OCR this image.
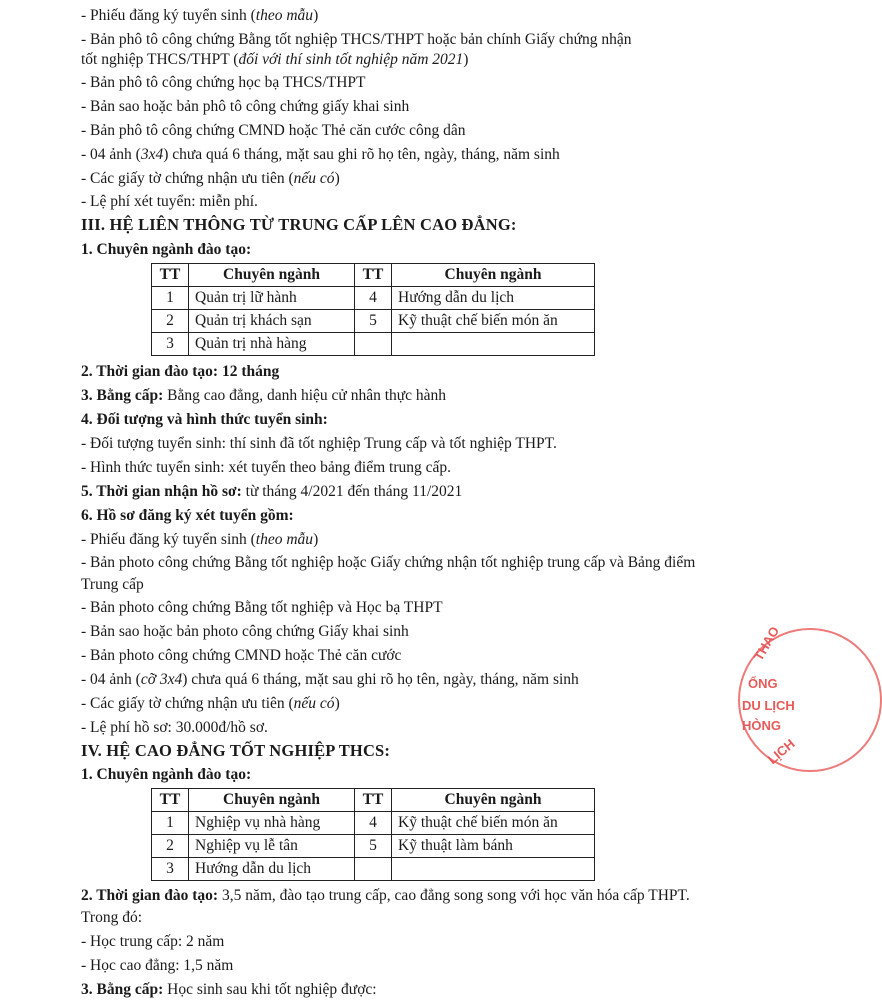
- Phiếu đăng ký tuyển sinh (theo mẫu)
- Bản phô tô công chứng Bằng tốt nghiệp THCS/THPT hoặc bản chính Giấy chứng nhận
tốt nghiệp THCS/THPT (đối với thí sinh tốt nghiệp năm 2021)
- Bản phô tô công chứng học bạ THCS/THPT
- Bản sao hoặc bản phô tô công chứng giấy khai sinh
- Bản phô tô công chứng CMND hoặc Thẻ căn cước công dân
- 04 ảnh (3x4) chưa quá 6 tháng, mặt sau ghi rõ họ tên, ngày, tháng, năm sinh
- Các giấy tờ chứng nhận ưu tiên (nếu có)
- Lệ phí xét tuyển: miễn phí.
III. HỆ LIÊN THÔNG TỪ TRUNG CẤP LÊN CAO ĐẲNG:
1. Chuyên ngành đào tạo:
TT	Chuyên ngành	TT	Chuyên ngành
1	Quản trị lữ hành	4	Hướng dẫn du lịch
2	Quản trị khách sạn	5	Kỹ thuật chế biến món ăn
3	Quản trị nhà hàng		
2. Thời gian đào tạo: 12 tháng
3. Bằng cấp: Bằng cao đẳng, danh hiệu cử nhân thực hành
4. Đối tượng và hình thức tuyển sinh:
- Đối tượng tuyển sinh: thí sinh đã tốt nghiệp Trung cấp và tốt nghiệp THPT.
- Hình thức tuyển sinh: xét tuyển theo bảng điểm trung cấp.
5. Thời gian nhận hồ sơ: từ tháng 4/2021 đến tháng 11/2021
6. Hồ sơ đăng ký xét tuyển gồm:
- Phiếu đăng ký tuyển sinh (theo mẫu)
- Bản photo công chứng Bằng tốt nghiệp hoặc Giấy chứng nhận tốt nghiệp trung cấp và Bảng điểm Trung cấp
- Bản photo công chứng Bằng tốt nghiệp và Học bạ THPT
- Bản sao hoặc bản photo công chứng Giấy khai sinh
- Bản photo công chứng CMND hoặc Thẻ căn cước
- 04 ảnh (cỡ 3x4) chưa quá 6 tháng, mặt sau ghi rõ họ tên, ngày, tháng, năm sinh
- Các giấy tờ chứng nhận ưu tiên (nếu có)
- Lệ phí hồ sơ: 30.000đ/hồ sơ.
IV. HỆ CAO ĐẲNG TỐT NGHIỆP THCS:
1. Chuyên ngành đào tạo:
TT	Chuyên ngành	TT	Chuyên ngành
1	Nghiệp vụ nhà hàng	4	Kỹ thuật chế biến món ăn
2	Nghiệp vụ lễ tân	5	Kỹ thuật làm bánh
3	Hướng dẫn du lịch		
2. Thời gian đào tạo: 3,5 năm, đào tạo trung cấp, cao đẳng song song với học văn hóa cấp THPT. Trong đó:
- Học trung cấp: 2 năm
- Học cao đẳng: 1,5 năm
3. Bằng cấp: Học sinh sau khi tốt nghiệp được:
THAO
ỔNG
DU LỊCH
HÒNG
LỊCH
